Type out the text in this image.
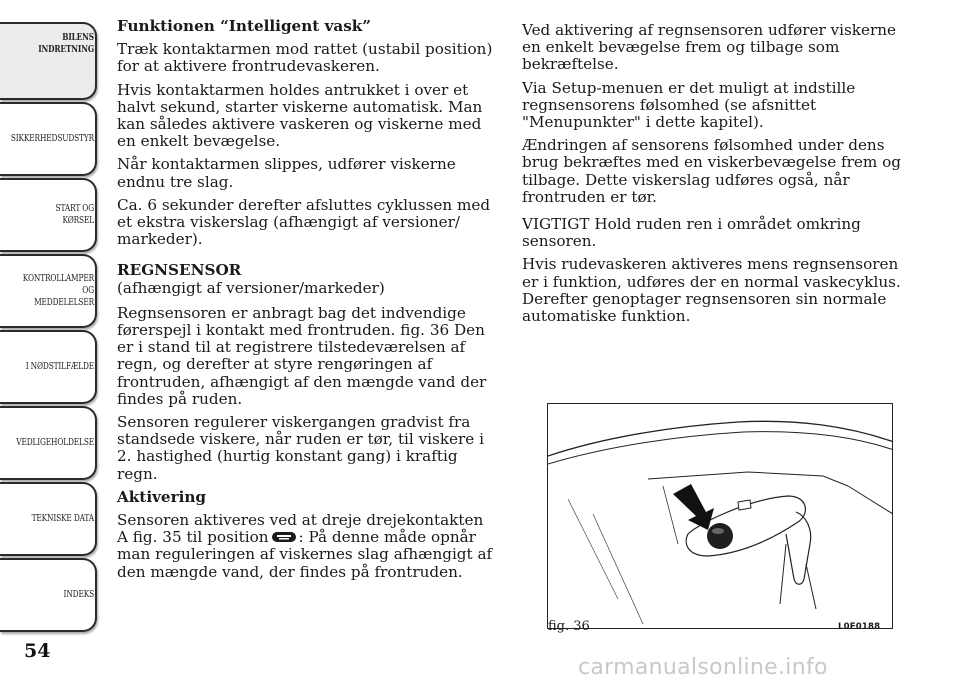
BILENS
INDRETNING
SIKKERHEDSUDSTYR
START OG KØRSEL
KONTROLLAMPER
OG MEDDELELSER
I NØDSTILFÆLDE
VEDLIGEHOLDELSE
TEKNISKE DATA
INDEKS
54

Funktionen “Intelligent vask”

Træk kontaktarmen mod rattet (ustabil position) for at aktivere frontrudevaskeren.

Hvis kontaktarmen holdes antrukket i over et halvt sekund, starter viskerne automatisk. Man kan således aktivere vaskeren og viskerne med en enkelt bevægelse.

Når kontaktarmen slippes, udfører viskerne endnu tre slag.

Ca. 6 sekunder derefter afsluttes cyklussen med et ekstra viskerslag (afhængigt af versioner/ markeder).

REGNSENSOR

(afhængigt af versioner/markeder)

Regnsensoren er anbragt bag det indvendige førerspejl i kontakt med frontruden. fig. 36 Den er i stand til at registrere tilstedeværelsen af regn, og derefter at styre rengøringen af frontruden, afhængigt af den mængde vand der findes på ruden.

Sensoren regulerer viskergangen gradvist fra standsede viskere, når ruden er tør, til viskere i 2. hastighed (hurtig konstant gang) i kraftig regn.

Aktivering

Sensoren aktiveres ved at dreje drejekontakten A fig. 35 til position : På denne måde opnår man reguleringen af viskernes slag afhængigt af den mængde vand, der findes på frontruden.

Ved aktivering af regnsensoren udfører viskerne en enkelt bevægelse frem og tilbage som bekræftelse.

Via Setup-menuen er det muligt at indstille regnsensorens følsomhed (se afsnittet "Menupunkter" i dette kapitel).

Ændringen af sensorens følsomhed under dens brug bekræftes med en viskerbevægelse frem og tilbage. Dette viskerslag udføres også, når frontruden er tør.

VIGTIGT Hold ruden ren i området omkring sensoren.

Hvis rudevaskeren aktiveres mens regnsensoren er i funktion, udføres der en normal vaskecyklus. Derefter genoptager regnsensoren sin normale automatiske funktion.

fig. 36	L0F0188
carmanualsonline.info
